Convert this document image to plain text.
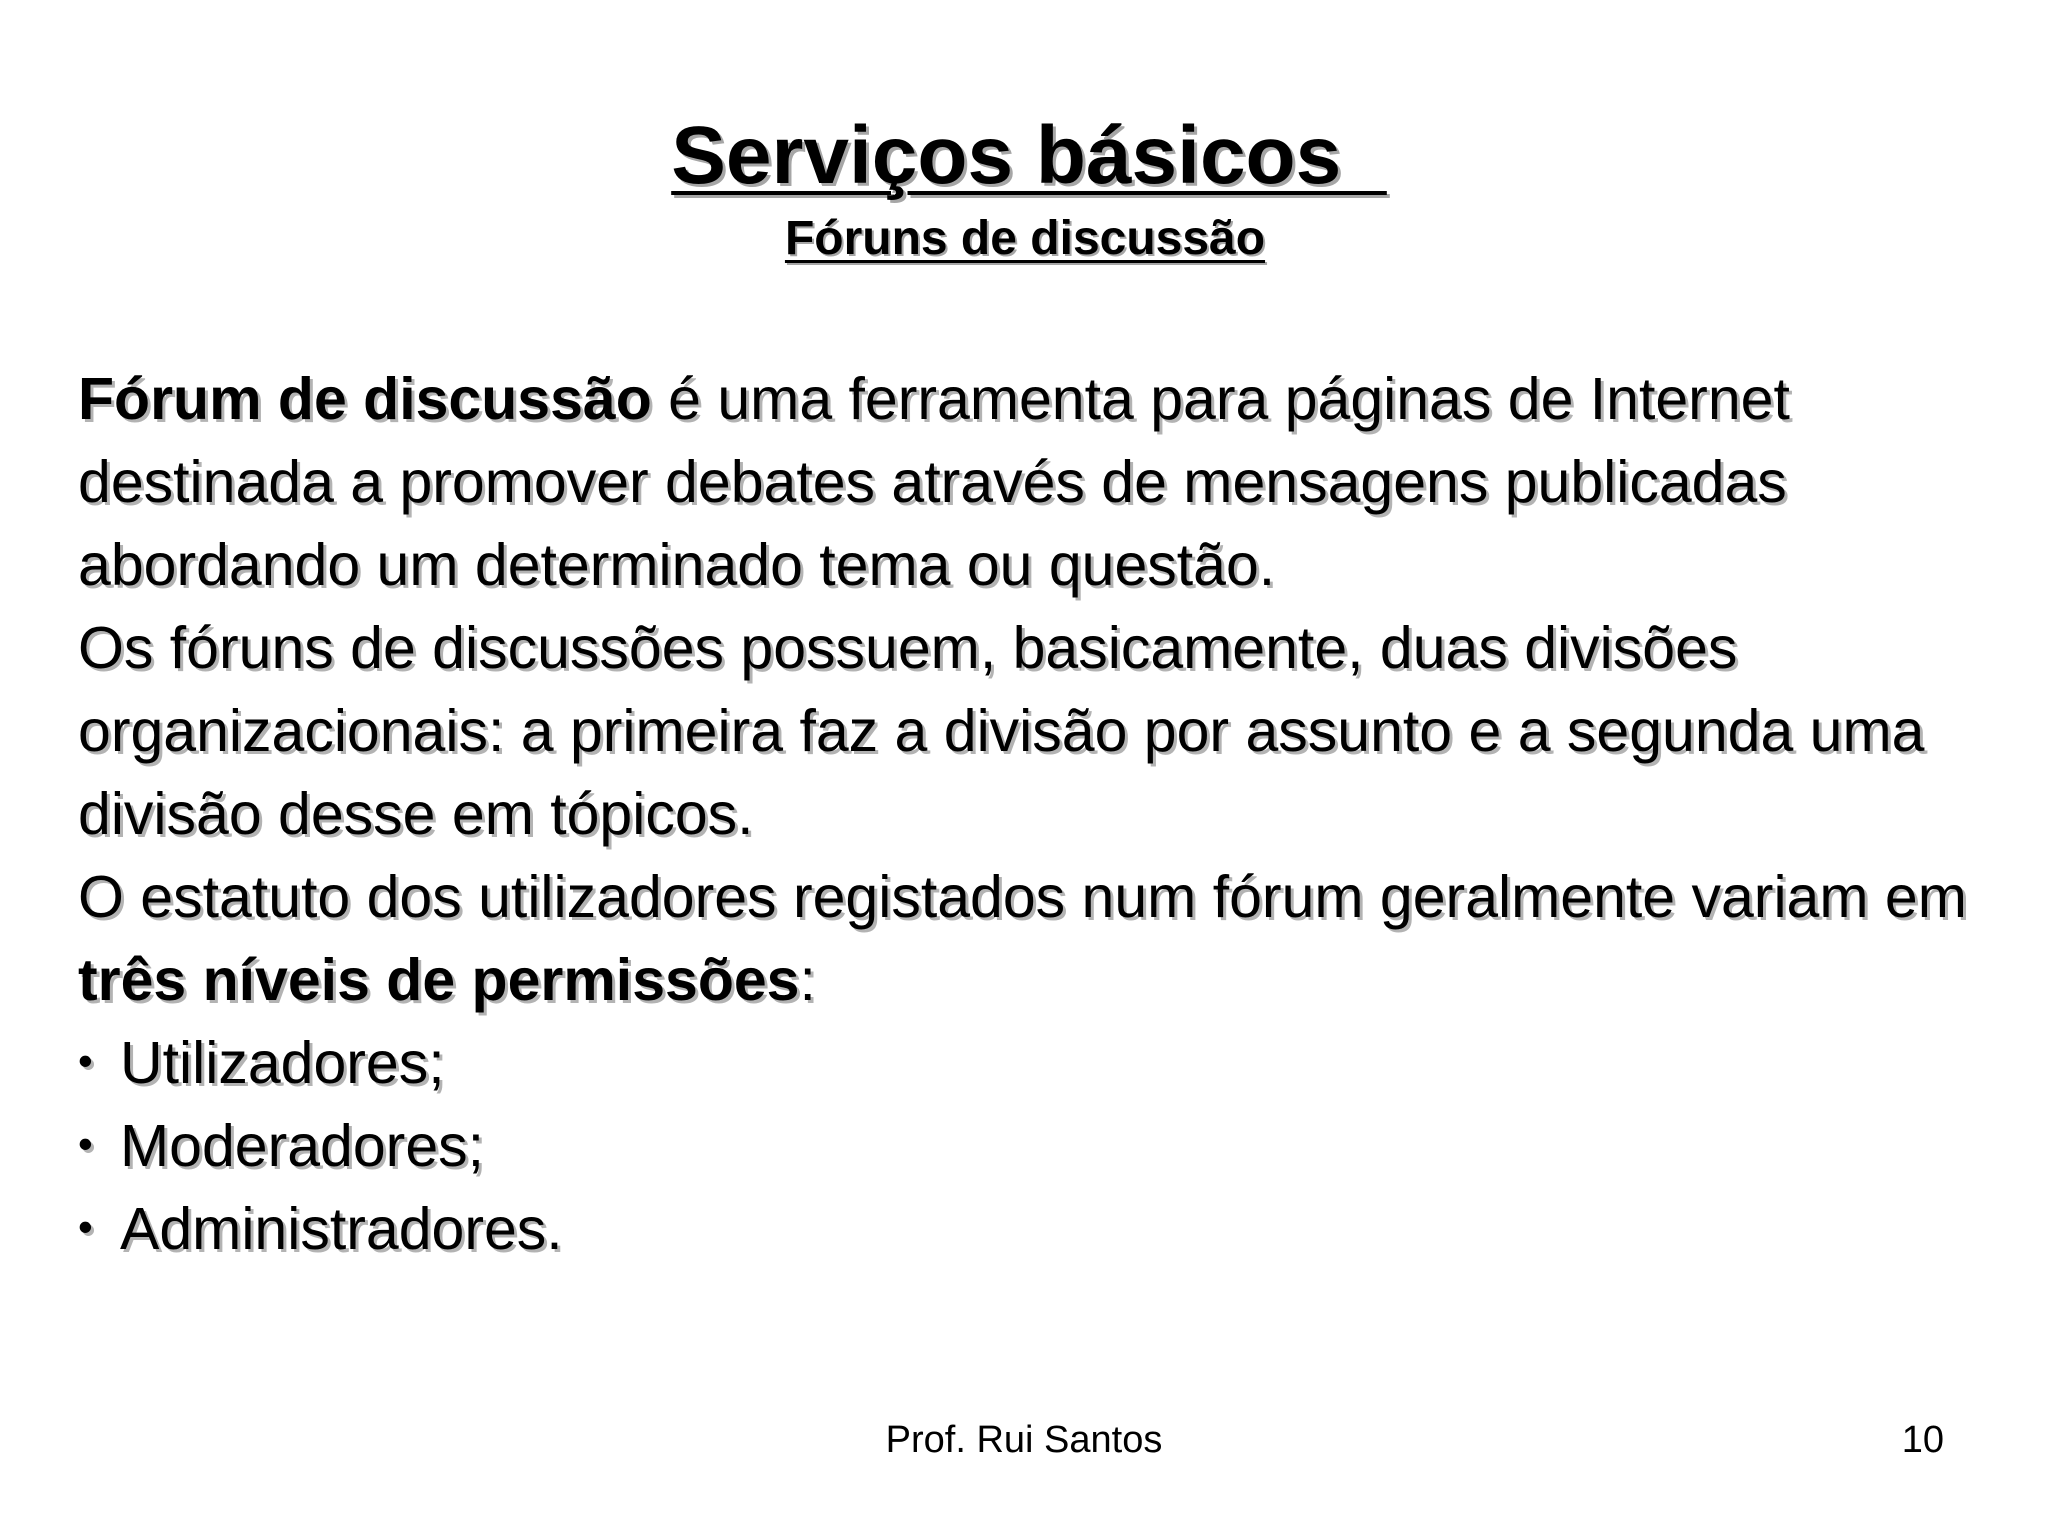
Serviços básicos
Fóruns de discussão

Fórum de discussão é uma ferramenta para páginas de Internet destinada a promover debates através de mensagens publicadas abordando um determinado tema ou questão.

Os fóruns de discussões possuem, basicamente, duas divisões organizacionais: a primeira faz a divisão por assunto e a segunda uma divisão desse em tópicos.

O estatuto dos utilizadores registados num fórum geralmente variam em três níveis de permissões:

• Utilizadores;
• Moderadores;
• Administradores.
Prof. Rui Santos	10
